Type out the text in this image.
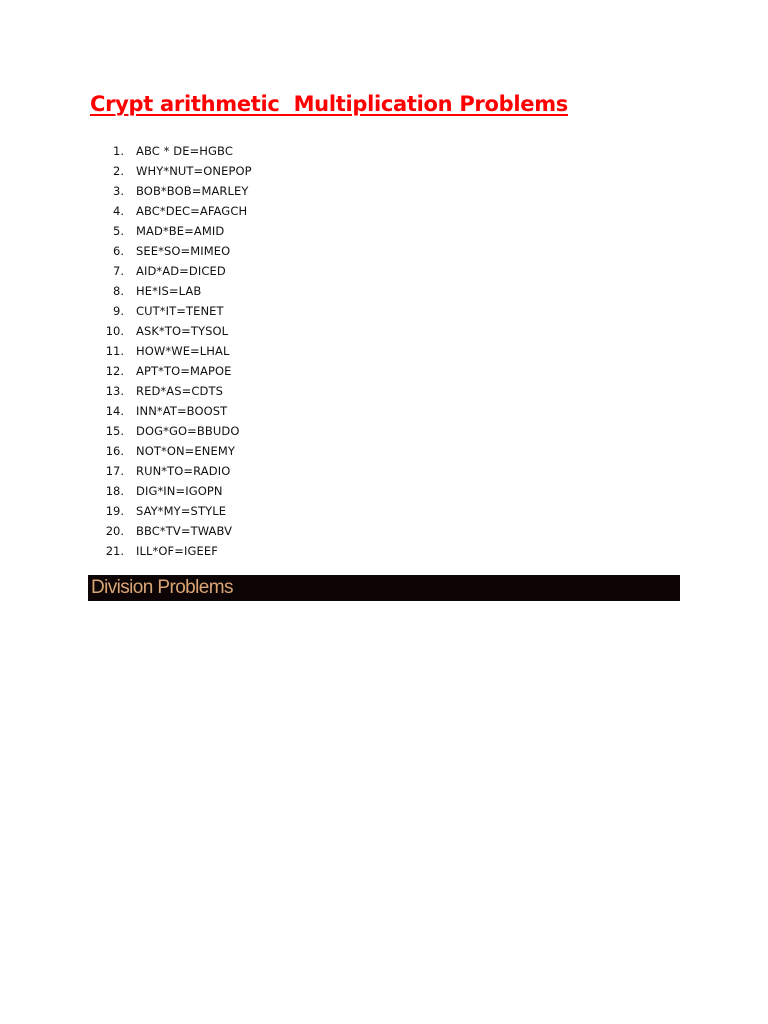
Crypt arithmetic  Multiplication Problems
1. ABC * DE=HGBC
2. WHY*NUT=ONEPOP
3. BOB*BOB=MARLEY
4. ABC*DEC=AFAGCH
5. MAD*BE=AMID
6. SEE*SO=MIMEO
7. AID*AD=DICED
8. HE*IS=LAB
9. CUT*IT=TENET
10. ASK*TO=TYSOL
11. HOW*WE=LHAL
12. APT*TO=MAPOE
13. RED*AS=CDTS
14. INN*AT=BOOST
15. DOG*GO=BBUDO
16. NOT*ON=ENEMY
17. RUN*TO=RADIO
18. DIG*IN=IGOPN
19. SAY*MY=STYLE
20. BBC*TV=TWABV
21. ILL*OF=IGEEF
Division Problems
